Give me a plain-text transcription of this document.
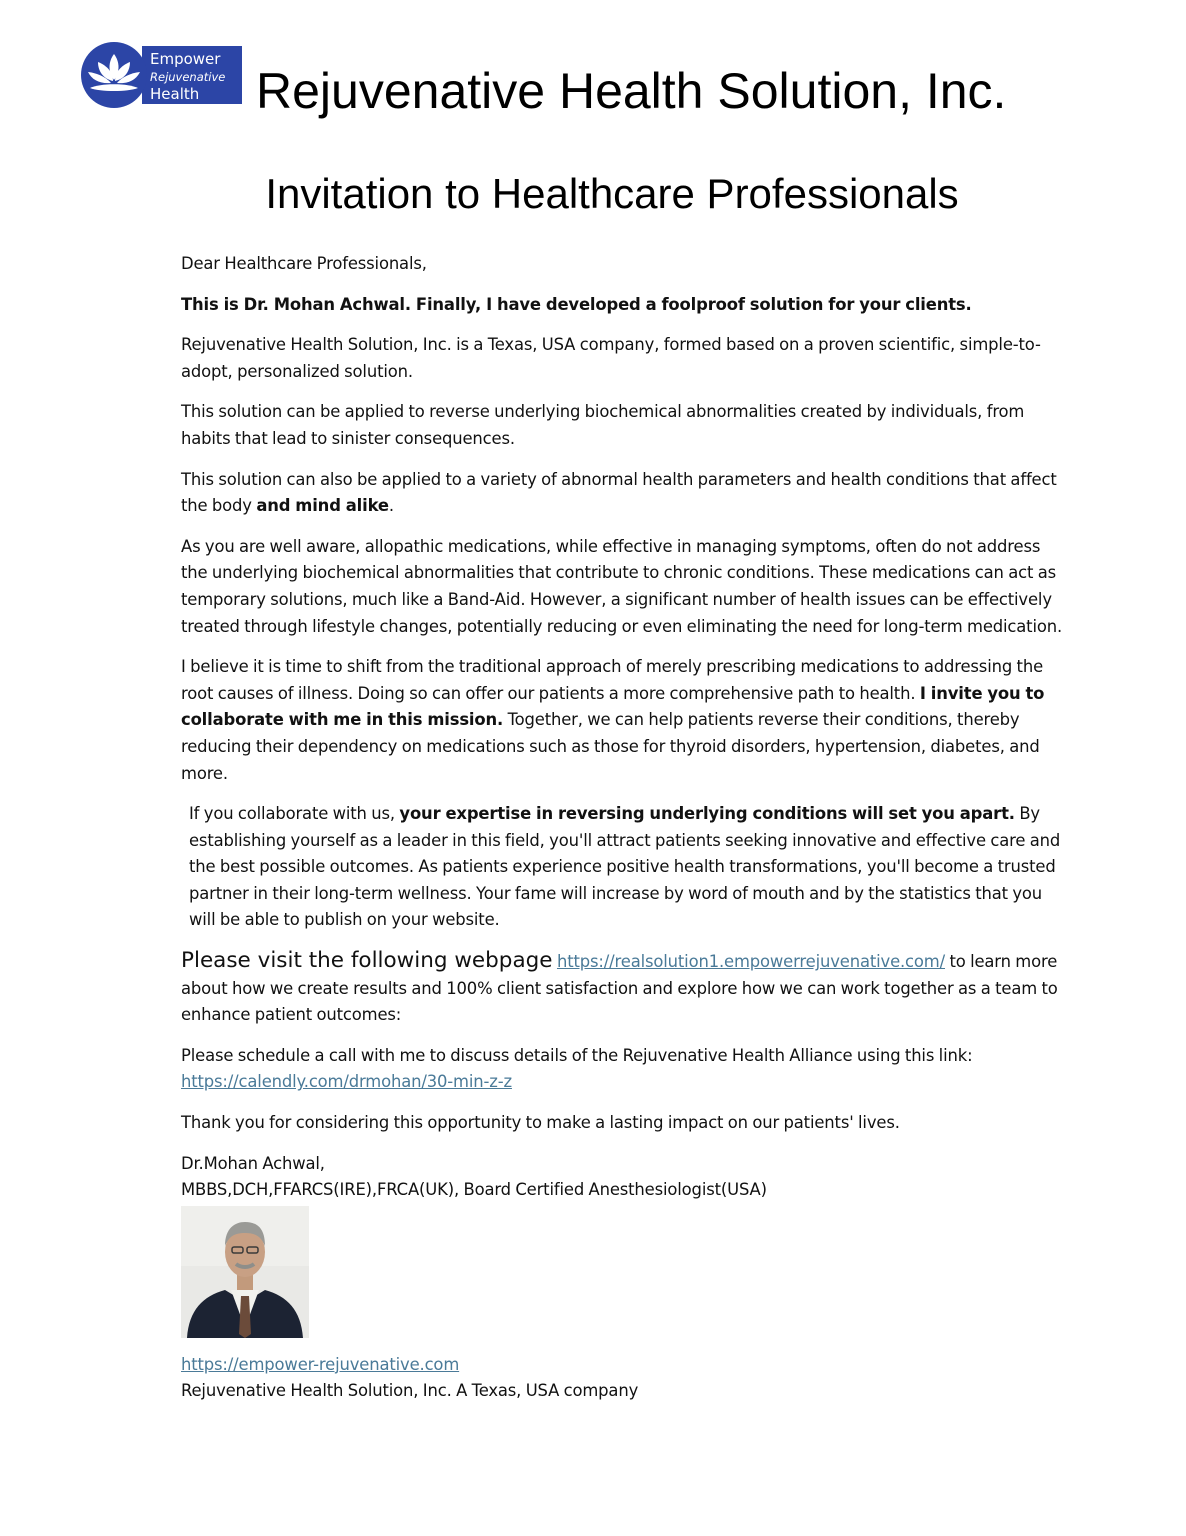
Empower
Rejuvenative
Health Rejuvenative Health Solution, Inc.
Invitation to Healthcare Professionals

Dear Healthcare Professionals,

This is Dr. Mohan Achwal. Finally, I have developed a foolproof solution for your clients.

Rejuvenative Health Solution, Inc. is a Texas, USA company, formed based on a proven scientific, simple-to-adopt, personalized solution.

This solution can be applied to reverse underlying biochemical abnormalities created by individuals, from habits that lead to sinister consequences.

This solution can also be applied to a variety of abnormal health parameters and health conditions that affect the body and mind alike.

As you are well aware, allopathic medications, while effective in managing symptoms, often do not address the underlying biochemical abnormalities that contribute to chronic conditions. These medications can act as temporary solutions, much like a Band-Aid. However, a significant number of health issues can be effectively treated through lifestyle changes, potentially reducing or even eliminating the need for long-term medication.

I believe it is time to shift from the traditional approach of merely prescribing medications to addressing the root causes of illness. Doing so can offer our patients a more comprehensive path to health. I invite you to collaborate with me in this mission. Together, we can help patients reverse their conditions, thereby reducing their dependency on medications such as those for thyroid disorders, hypertension, diabetes, and more.

If you collaborate with us, your expertise in reversing underlying conditions will set you apart. By establishing yourself as a leader in this field, you'll attract patients seeking innovative and effective care and the best possible outcomes. As patients experience positive health transformations, you'll become a trusted partner in their long-term wellness. Your fame will increase by word of mouth and by the statistics that you will be able to publish on your website.

Please visit the following webpage https://realsolution1.empowerrejuvenative.com/ to learn more about how we create results and 100% client satisfaction and explore how we can work together as a team to enhance patient outcomes:

Please schedule a call with me to discuss details of the Rejuvenative Health Alliance using this link: https://calendly.com/drmohan/30-min-z-z

Thank you for considering this opportunity to make a lasting impact on our patients' lives.

Dr.Mohan Achwal,

MBBS,DCH,FFARCS(IRE),FRCA(UK), Board Certified Anesthesiologist(USA)

https://empower-rejuvenative.com

Rejuvenative Health Solution, Inc. A Texas, USA company
